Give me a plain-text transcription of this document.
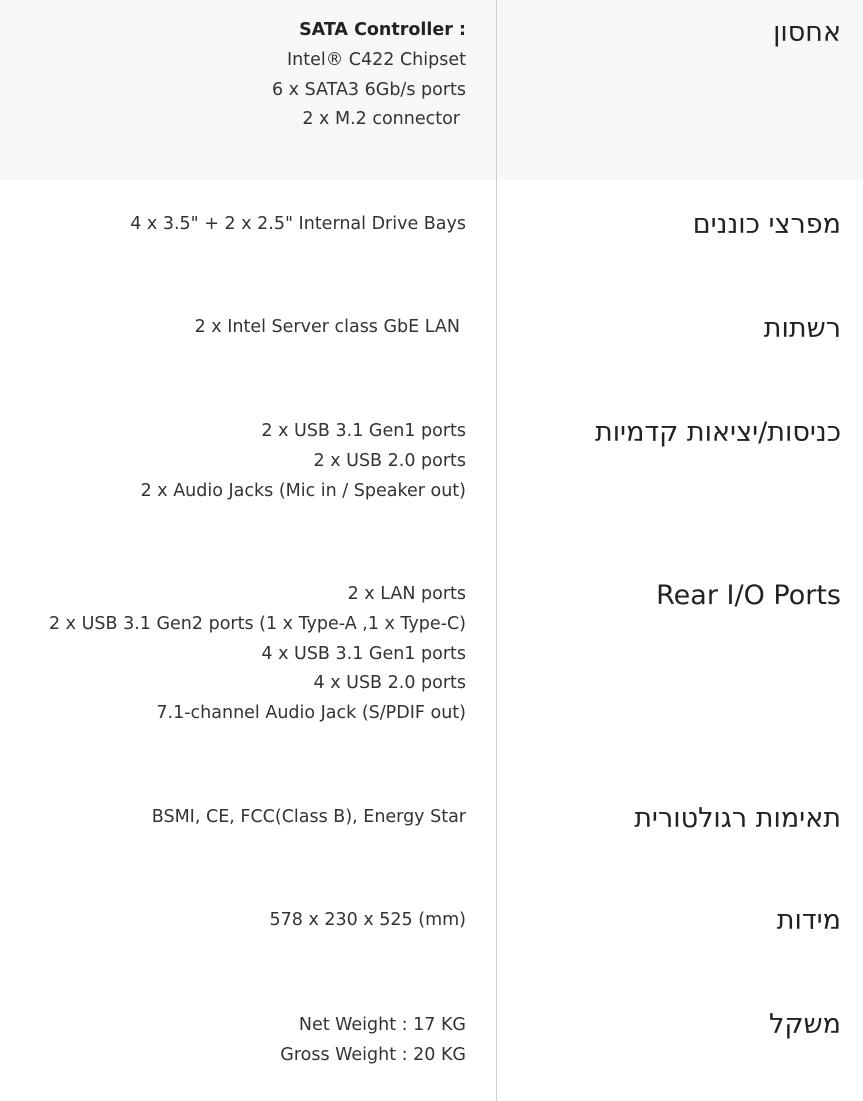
אחסון
SATA Controller :
Intel® C422 Chipset
6 x SATA3 6Gb/s ports
2 x M.2 connector
מפרצי כוננים
4 x 3.5" + 2 x 2.5" Internal Drive Bays
רשתות
2 x Intel Server class GbE LAN
כניסות/יציאות קדמיות
2 x USB 3.1 Gen1 ports
2 x USB 2.0 ports
2 x Audio Jacks (Mic in / Speaker out)
Rear I/O Ports
2 x LAN ports
2 x USB 3.1 Gen2 ports (1 x Type-A ,1 x Type-C)
4 x USB 3.1 Gen1 ports
4 x USB 2.0 ports
7.1-channel Audio Jack (S/PDIF out)
תאימות רגולטורית
BSMI, CE, FCC(Class B), Energy Star
מידות
578 x 230 x 525 (mm)
משקל
Net Weight : 17 KG
Gross Weight : 20 KG
